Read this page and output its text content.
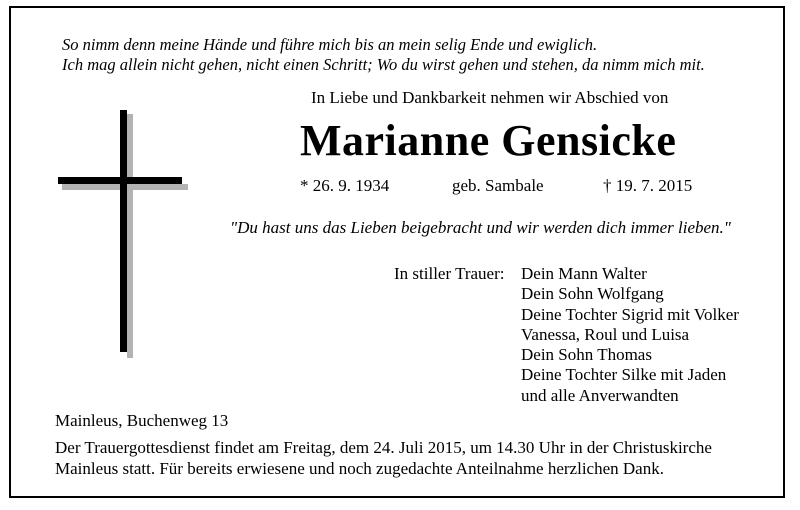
So nimm denn meine Hände und führe mich bis an mein selig Ende und ewiglich.
Ich mag allein nicht gehen, nicht einen Schritt; Wo du wirst gehen und stehen, da nimm mich mit.
In Liebe und Dankbarkeit nehmen wir Abschied von
Marianne Gensicke
* 26. 9. 1934	geb. Sambale	† 19. 7. 2015
"Du hast uns das Lieben beigebracht und wir werden dich immer lieben."
In stiller Trauer: Dein Mann Walter
Dein Sohn Wolfgang
Deine Tochter Sigrid mit Volker
Vanessa, Roul und Luisa
Dein Sohn Thomas
Deine Tochter Silke mit Jaden
und alle Anverwandten
Mainleus, Buchenweg 13
Der Trauergottesdienst findet am Freitag, dem 24. Juli 2015, um 14.30 Uhr in der Christuskirche
Mainleus statt. Für bereits erwiesene und noch zugedachte Anteilnahme herzlichen Dank.
